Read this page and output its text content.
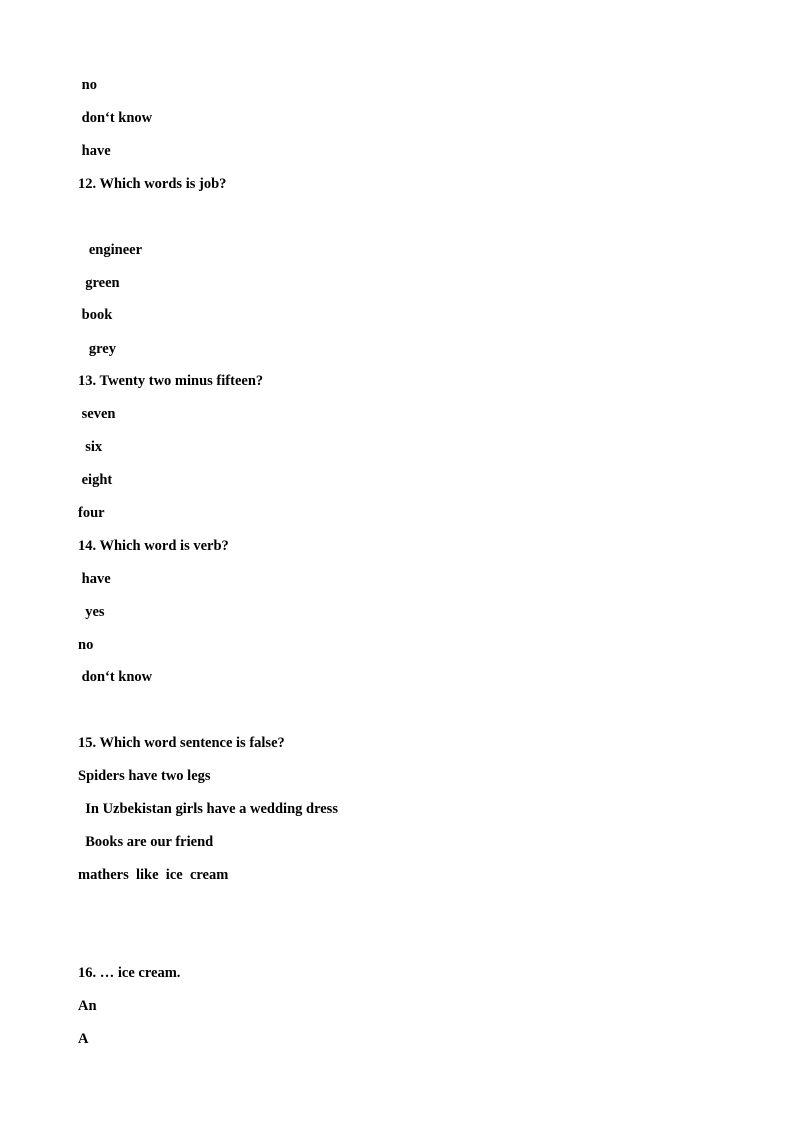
no
don‘t know
have
12. Which words is job?
engineer
green
book
grey
13. Twenty two minus fifteen?
seven
six
eight
four
14. Which word is verb?
have
yes
no
don‘t know
15. Which word sentence is false?
Spiders have two legs
In Uzbekistan girls have a wedding dress
Books are our friend
mathers  like  ice  cream
16. … ice cream.
An
A
